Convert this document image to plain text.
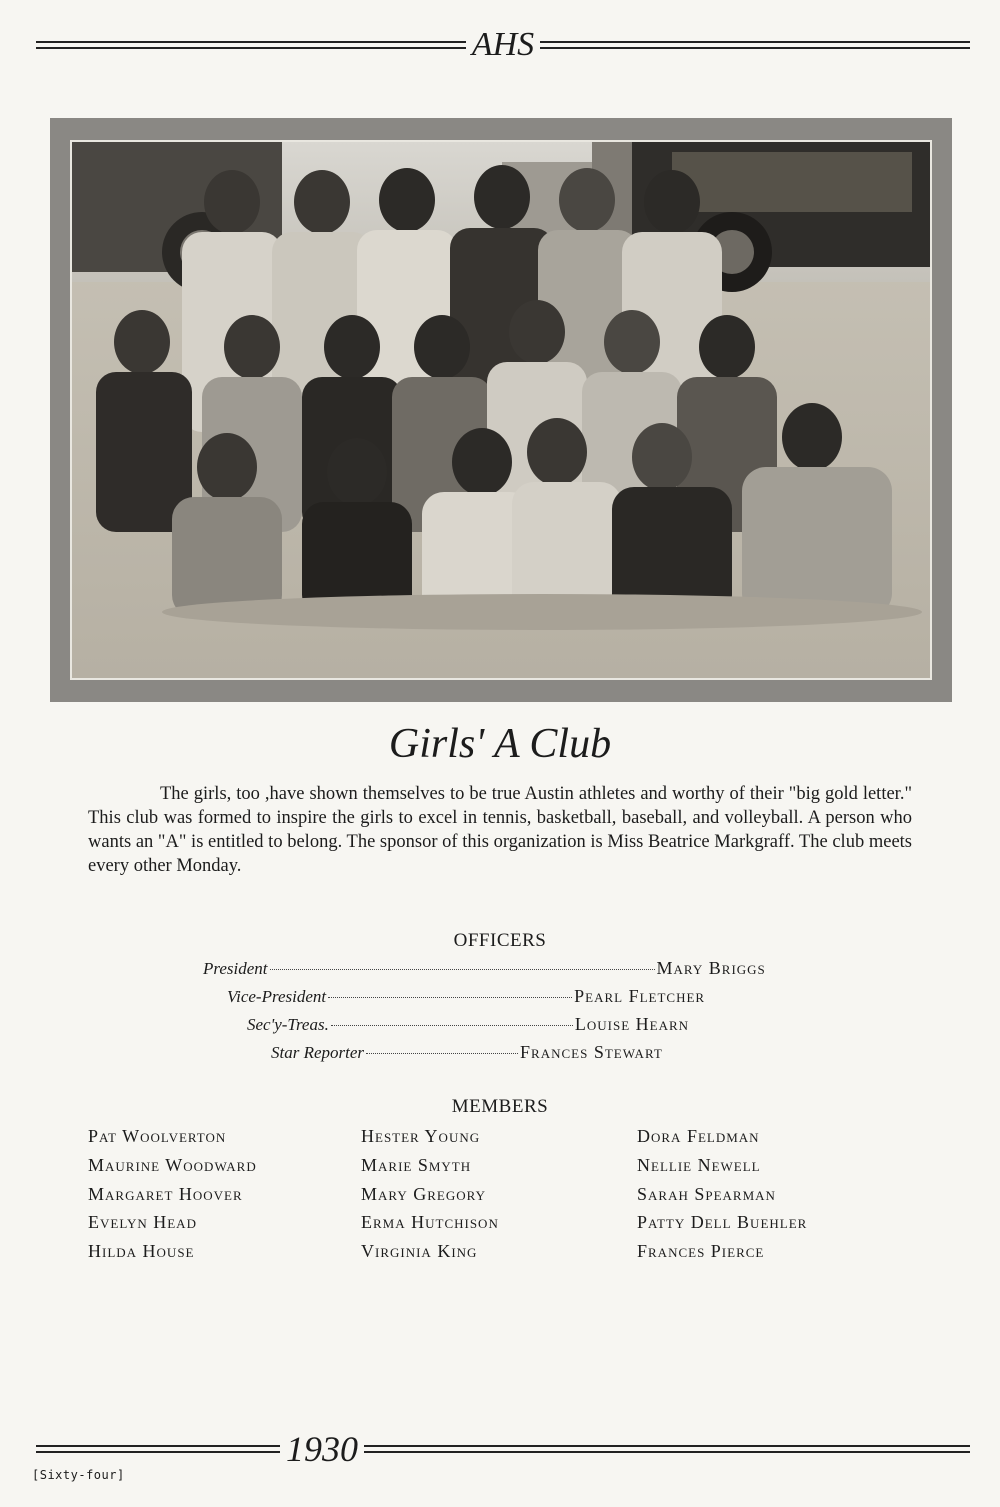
AHS
Girls' A Club

The girls, too ,have shown themselves to be true Austin athletes and worthy of their "big gold letter." This club was formed to inspire the girls to excel in tennis, basketball, baseball, and volleyball. A person who wants an "A" is entitled to belong. The sponsor of this organization is Miss Beatrice Markgraff. The club meets every other Monday.

OFFICERS
President	Mary Briggs
Vice-President	Pearl Fletcher
Sec'y-Treas.	Louise Hearn
Star Reporter	Frances Stewart
MEMBERS
Pat Woolverton
Maurine Woodward
Margaret Hoover
Evelyn Head
Hilda House
Hester Young
Marie Smyth
Mary Gregory
Erma Hutchison
Virginia King
Dora Feldman
Nellie Newell
Sarah Spearman
Patty Dell Buehler
Frances Pierce
1930
[Sixty-four]
